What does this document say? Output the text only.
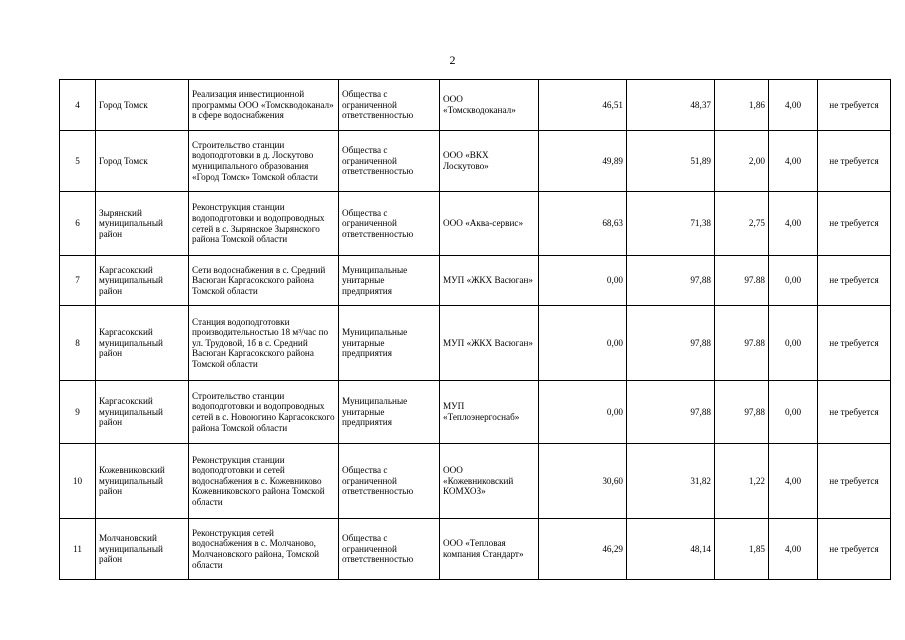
2
4	Город Томск	Реализация инвестиционной программы ООО «Томскводоканал» в сфере водоснабжения	Общества с ограниченной ответственностью	ООО «Томскводоканал»	46,51	48,37	1,86	4,00	не требуется
5	Город Томск	Строительство станции водоподготовки в д. Лоскутово муниципального образования «Город Томск» Томской области	Общества с ограниченной ответственностью	ООО «ВКХ Лоскутово»	49,89	51,89	2,00	4,00	не требуется
6	Зырянский муниципальный район	Реконструкция станции водоподготовки и водопроводных сетей в с. Зырянское Зырянского района Томской области	Общества с ограниченной ответственностью	ООО «Аква-сервис»	68,63	71,38	2,75	4,00	не требуется
7	Каргасокский муниципальный район	Сети водоснабжения в с. Средний Васюган Каргасокского района Томской области	Муниципальные унитарные предприятия	МУП «ЖКХ Васюган»	0,00	97,88	97.88	0,00	не требуется
8	Каргасокский муниципальный район	Станция водоподготовки производительностью 18 м³/час по ул. Трудовой, 1б в с. Средний Васюган Каргасокского района Томской области	Муниципальные унитарные предприятия	МУП «ЖКХ Васюган»	0,00	97,88	97.88	0,00	не требуется
9	Каргасокский муниципальный район	Строительство станции водоподготовки и водопроводных сетей в с. Новоюгино Каргасокского района Томской области	Муниципальные унитарные предприятия	МУП «Теплоэнергоснаб»	0,00	97,88	97,88	0,00	не требуется
10	Кожевниковский муниципальный район	Реконструкция станции водоподготовки и сетей водоснабжения в с. Кожевниково Кожевниковского района Томской области	Общества с ограниченной ответственностью	ООО «Кожевниковский КОМХОЗ»	30,60	31,82	1,22	4,00	не требуется
11	Молчановский муниципальный район	Реконструкция сетей водоснабжения в с. Молчаново, Молчановского района, Томской области	Общества с ограниченной ответственностью	ООО «Тепловая компания Стандарт»	46,29	48,14	1,85	4,00	не требуется
